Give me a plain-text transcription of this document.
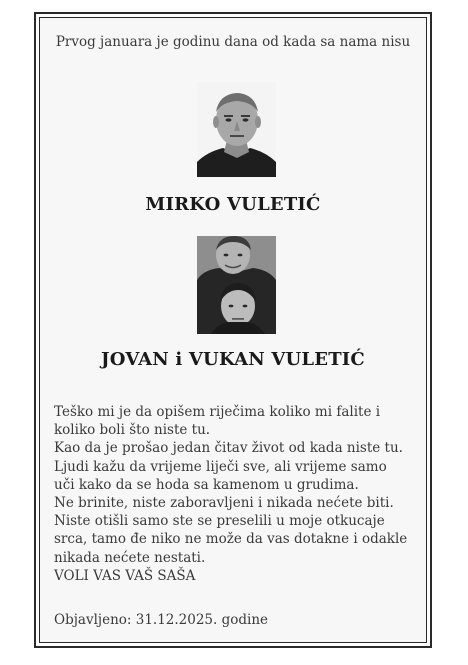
Prvog januara je godinu dana od kada sa nama nisu
MIRKO VULETIĆ
JOVAN i VUKAN VULETIĆ
Teško mi je da opišem riječima koliko mi falite i
koliko boli što niste tu.
Kao da je prošao jedan čitav život od kada niste tu.
Ljudi kažu da vrijeme liječi sve, ali vrijeme samo
uči kako da se hoda sa kamenom u grudima.
Ne brinite, niste zaboravljeni i nikada nećete biti.
Niste otišli samo ste se preselili u moje otkucaje
srca, tamo đe niko ne može da vas dotakne i odakle
nikada nećete nestati.
VOLI VAS VAŠ SAŠA
Objavljeno: 31.12.2025. godine
